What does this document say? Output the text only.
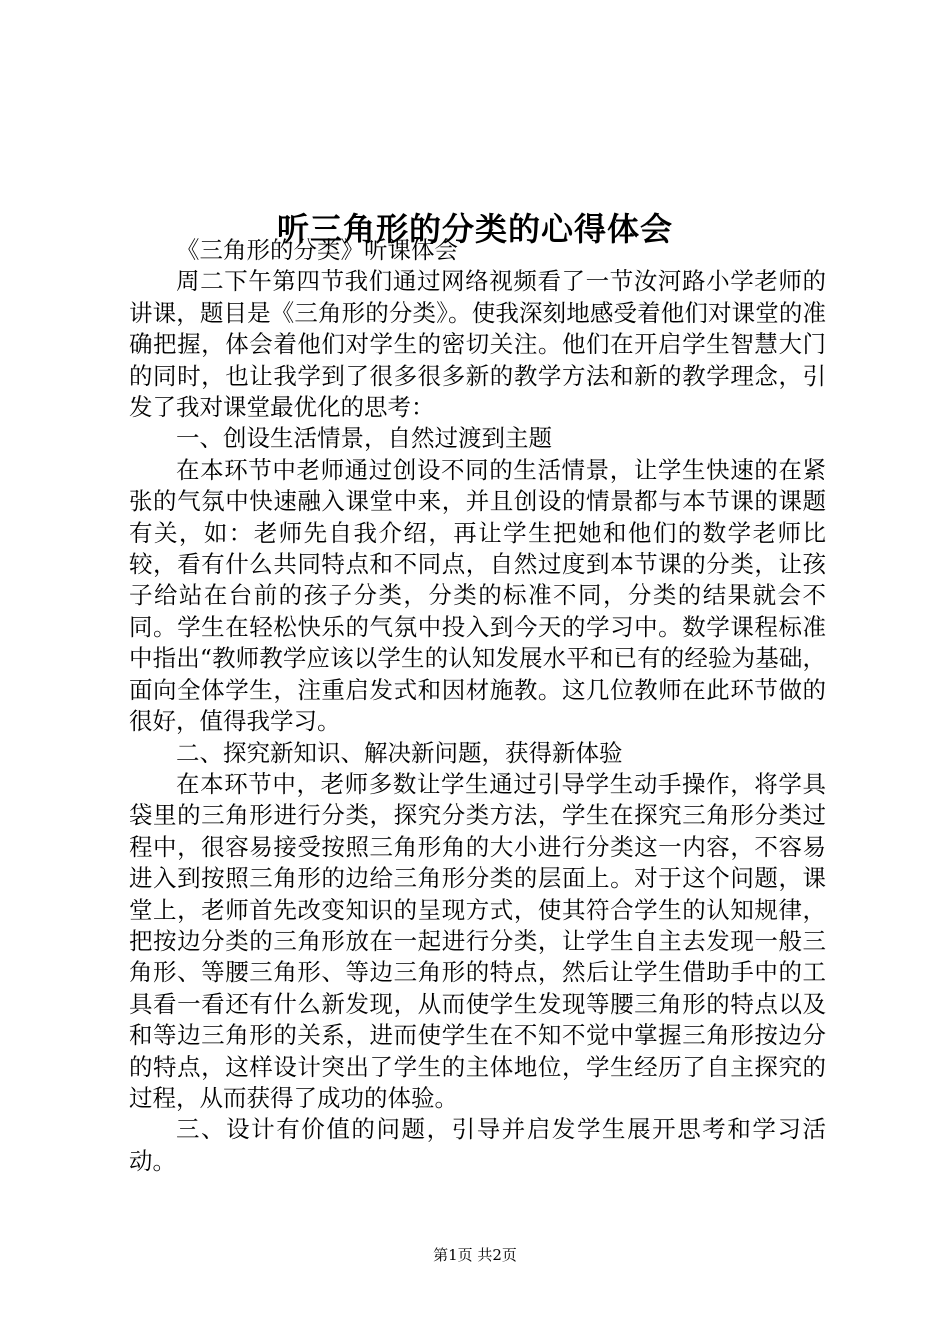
听三角形的分类的心得体会

《三角形的分类》听课体会

周二下午第四节我们通过网络视频看了一节汝河路小学老师的讲课，题目是《三角形的分类》。使我深刻地感受着他们对课堂的准确把握，体会着他们对学生的密切关注。他们在开启学生智慧大门的同时，也让我学到了很多很多新的教学方法和新的教学理念，引发了我对课堂最优化的思考：

一、创设生活情景，自然过渡到主题

在本环节中老师通过创设不同的生活情景，让学生快速的在紧张的气氛中快速融入课堂中来，并且创设的情景都与本节课的课题有关，如：老师先自我介绍，再让学生把她和他们的数学老师比较，看有什么共同特点和不同点，自然过度到本节课的分类，让孩子给站在台前的孩子分类，分类的标准不同，分类的结果就会不同。学生在轻松快乐的气氛中投入到今天的学习中。数学课程标准中指出“教师教学应该以学生的认知发展水平和已有的经验为基础，面向全体学生，注重启发式和因材施教。这几位教师在此环节做的很好，值得我学习。

二、探究新知识、解决新问题，获得新体验

在本环节中，老师多数让学生通过引导学生动手操作，将学具袋里的三角形进行分类，探究分类方法，学生在探究三角形分类过程中，很容易接受按照三角形角的大小进行分类这一内容，不容易进入到按照三角形的边给三角形分类的层面上。对于这个问题，课堂上，老师首先改变知识的呈现方式，使其符合学生的认知规律，把按边分类的三角形放在一起进行分类，让学生自主去发现一般三角形、等腰三角形、等边三角形的特点，然后让学生借助手中的工具看一看还有什么新发现，从而使学生发现等腰三角形的特点以及和等边三角形的关系，进而使学生在不知不觉中掌握三角形按边分的特点，这样设计突出了学生的主体地位，学生经历了自主探究的过程，从而获得了成功的体验。

三、设计有价值的问题，引导并启发学生展开思考和学习活动。

第1页 共2页
